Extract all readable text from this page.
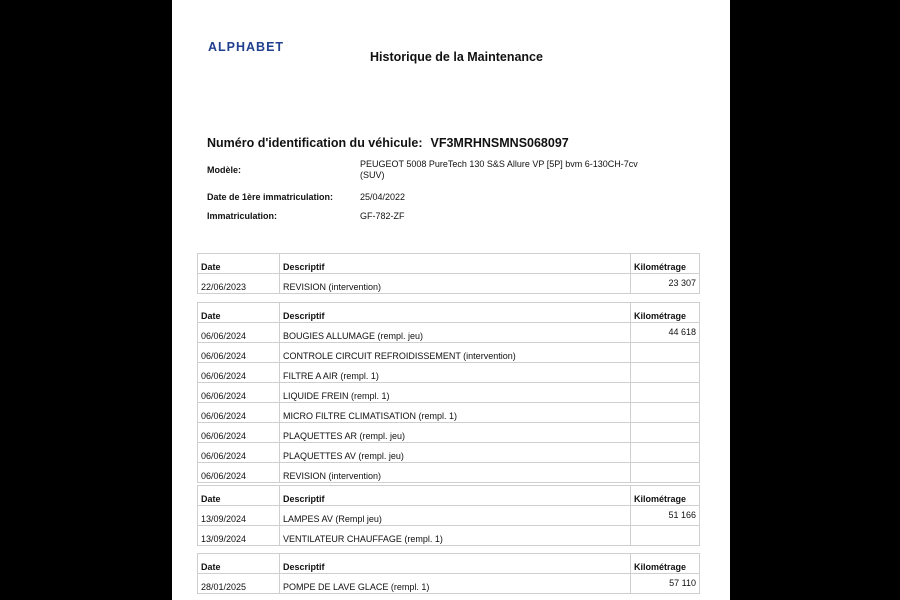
ALPHABET
Historique de la Maintenance
Numéro d'identification du véhicule: VF3MRHNSMNS068097
Modèle:
PEUGEOT 5008 PureTech 130 S&S Allure VP [5P] bvm 6-130CH-7cv
(SUV)
Date de 1ère immatriculation:	25/04/2022
Immatriculation:	GF-782-ZF
Date	Descriptif	Kilométrage
22/06/2023	REVISION (intervention)	23 307
Date	Descriptif	Kilométrage
06/06/2024	BOUGIES ALLUMAGE (rempl. jeu)	44 618
06/06/2024	CONTROLE CIRCUIT REFROIDISSEMENT (intervention)	
06/06/2024	FILTRE A AIR (rempl. 1)	
06/06/2024	LIQUIDE FREIN (rempl. 1)	
06/06/2024	MICRO FILTRE CLIMATISATION (rempl. 1)	
06/06/2024	PLAQUETTES AR (rempl. jeu)	
06/06/2024	PLAQUETTES AV (rempl. jeu)	
06/06/2024	REVISION (intervention)	
Date	Descriptif	Kilométrage
13/09/2024	LAMPES AV (Rempl jeu)	51 166
13/09/2024	VENTILATEUR CHAUFFAGE (rempl. 1)	
Date	Descriptif	Kilométrage
28/01/2025	POMPE DE LAVE GLACE (rempl. 1)	57 110
